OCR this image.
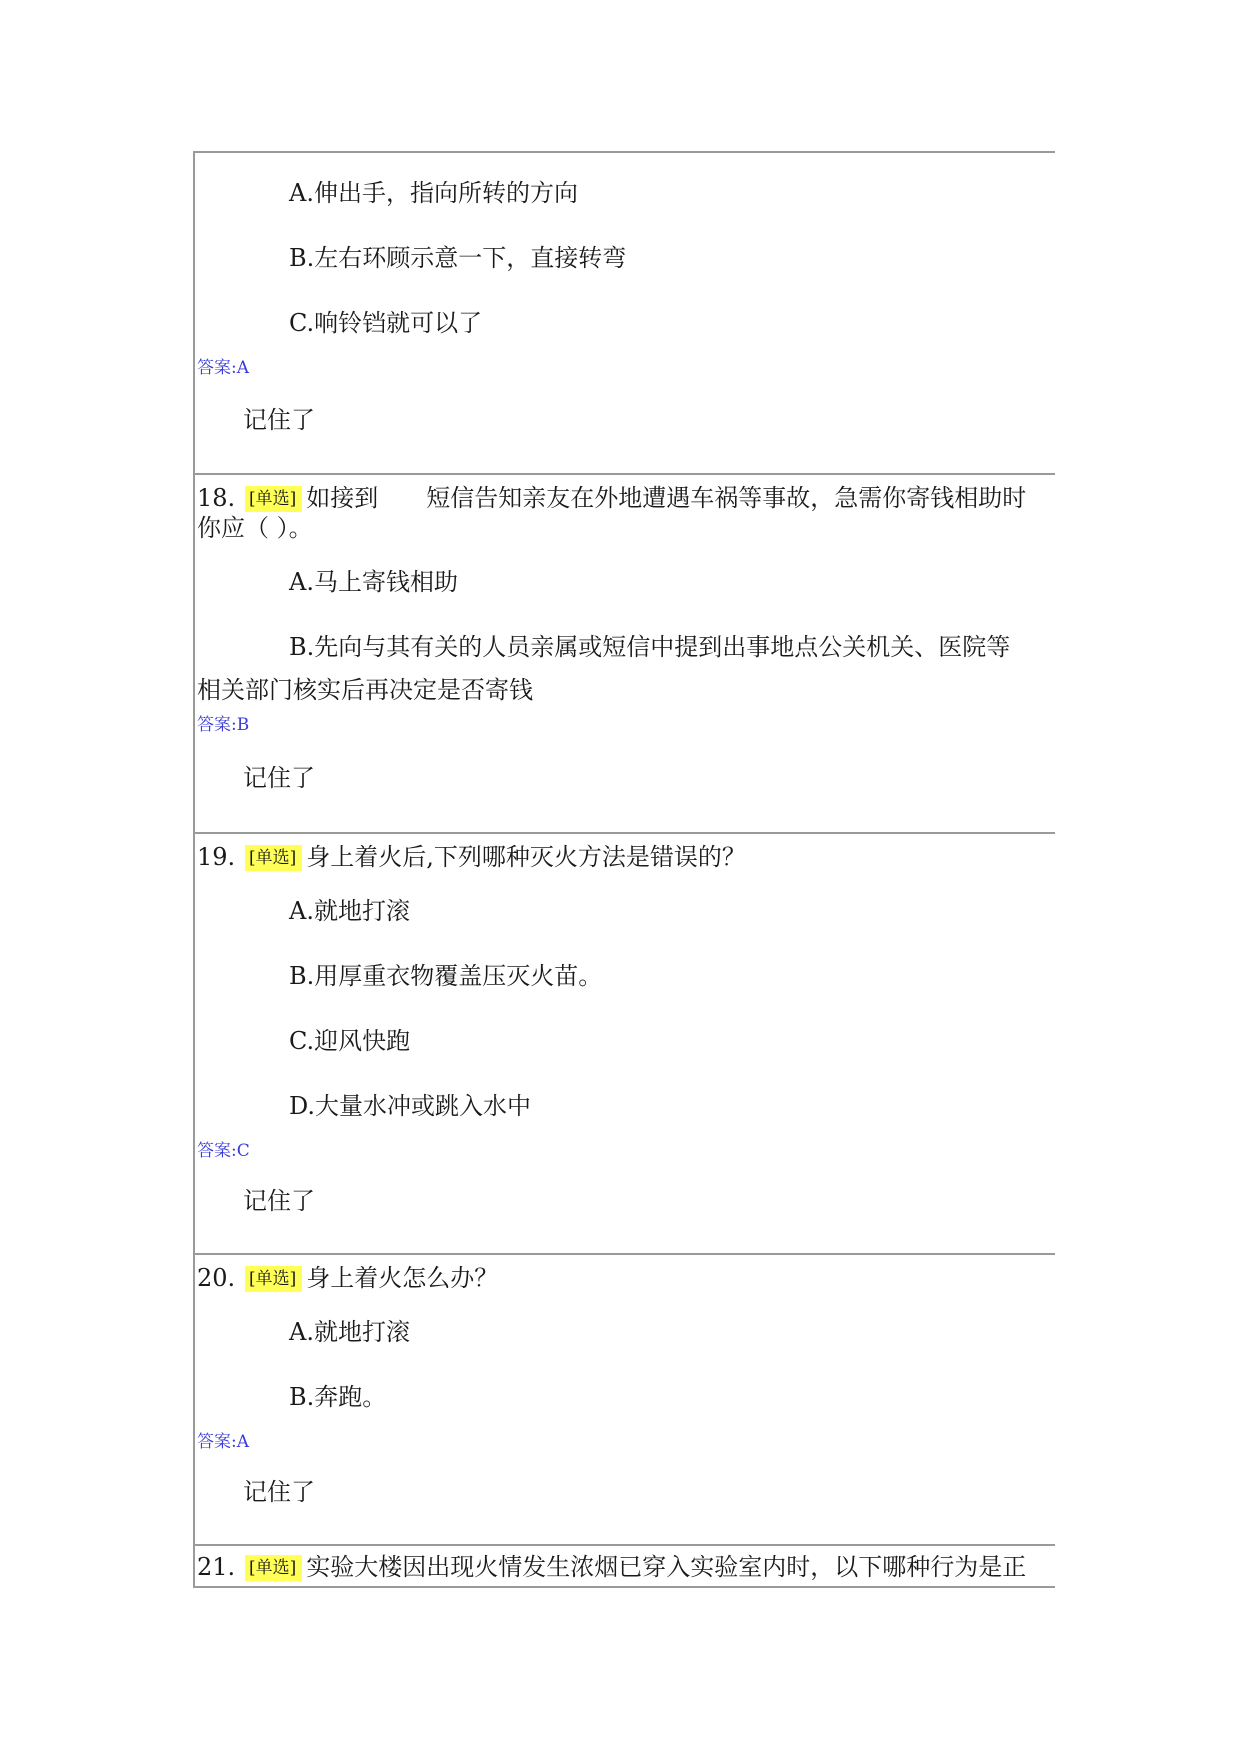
A.伸出手，指向所转的方向
B.左右环顾示意一下，直接转弯
C.响铃铛就可以了
答案:A
记住了
18. [单选] 如接到　　短信告知亲友在外地遭遇车祸等事故，急需你寄钱相助时
你应（ ）。
A.马上寄钱相助
B.先向与其有关的人员亲属或短信中提到出事地点公关机关、医院等
相关部门核实后再决定是否寄钱
答案:B
记住了
19. [单选] 身上着火后,下列哪种灭火方法是错误的？
A.就地打滚
B.用厚重衣物覆盖压灭火苗。
C.迎风快跑
D.大量水冲或跳入水中
答案:C
记住了
20. [单选] 身上着火怎么办？
A.就地打滚
B.奔跑。
答案:A
记住了
21. [单选] 实验大楼因出现火情发生浓烟已穿入实验室内时，以下哪种行为是正
